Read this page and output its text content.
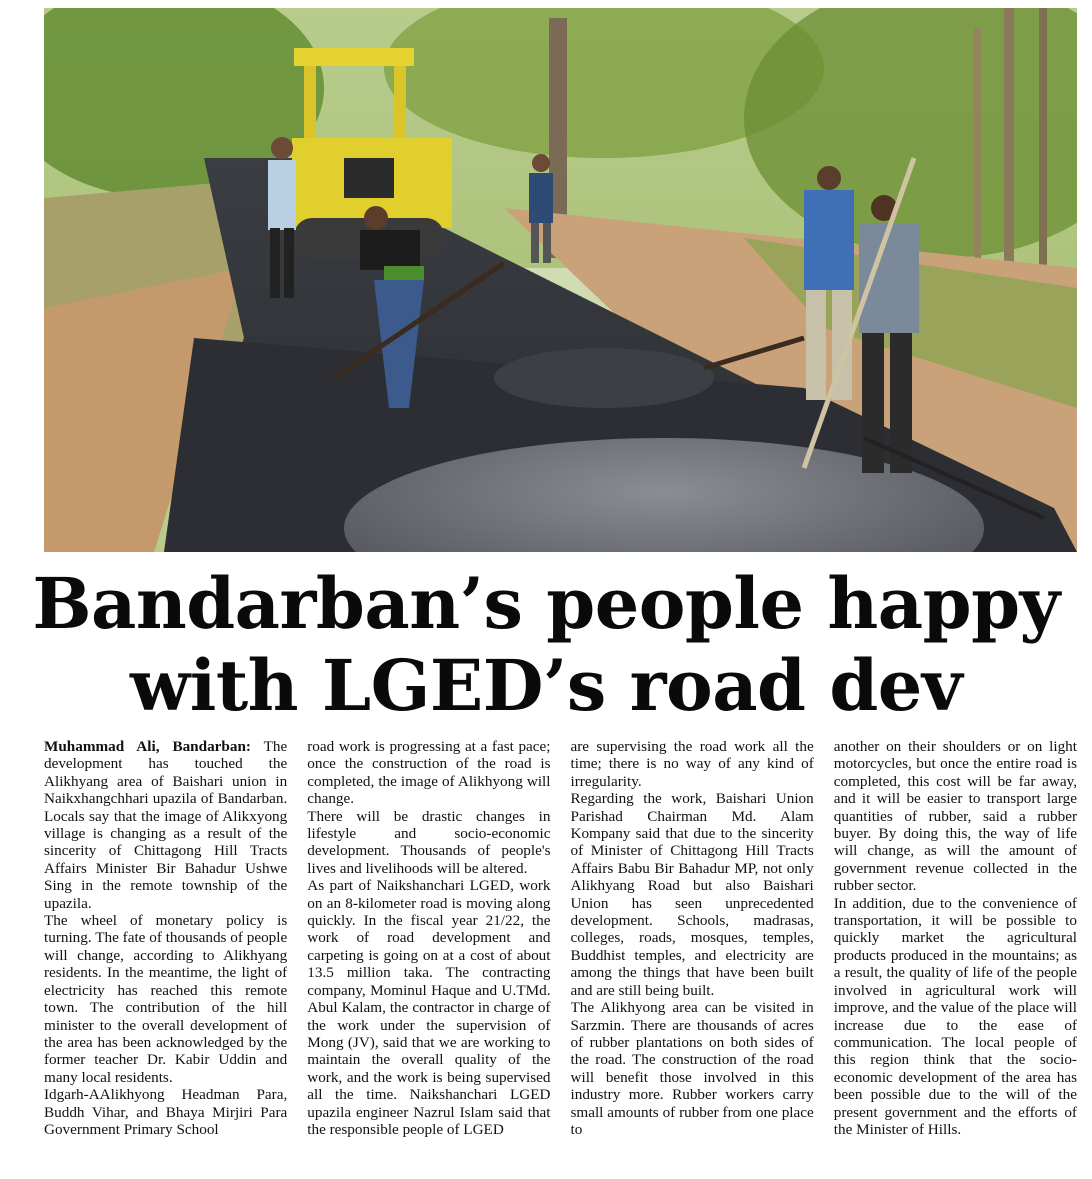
Bandarban’s people happy
with LGED’s road dev

Muhammad Ali, Bandarban: The development has touched the Alikhyang area of Baishari union in Naikxhangchhari upazila of Bandarban. Locals say that the image of Alikxyong village is changing as a result of the sincerity of Chittagong Hill Tracts Affairs Minister Bir Bahadur Ushwe Sing in the remote township of the upazila.

The wheel of monetary policy is turning. The fate of thousands of people will change, according to Alikhyang residents. In the meantime, the light of electricity has reached this remote town. The contribution of the hill minister to the overall development of the area has been acknowledged by the former teacher Dr. Kabir Uddin and many local residents.

Idgarh-AAlikhyong Headman Para, Buddh Vihar, and Bhaya Mirjiri Para Government Primary School

road work is progressing at a fast pace; once the construction of the road is completed, the image of Alikhyong will change.

There will be drastic changes in lifestyle and socio-economic development. Thousands of people's lives and livelihoods will be altered.

As part of Naikshanchari LGED, work on an 8-kilometer road is moving along quickly. In the fiscal year 21/22, the work of road development and carpeting is going on at a cost of about 13.5 million taka. The contracting company, Mominul Haque and U.TMd. Abul Kalam, the contractor in charge of the work under the supervision of Mong (JV), said that we are working to maintain the overall quality of the work, and the work is being supervised all the time. Naikshanchari LGED upazila engineer Nazrul Islam said that the responsible people of LGED

are supervising the road work all the time; there is no way of any kind of irregularity.

Regarding the work, Baishari Union Parishad Chairman Md. Alam Kompany said that due to the sincerity of Minister of Chittagong Hill Tracts Affairs Babu Bir Bahadur MP, not only Alikhyang Road but also Baishari Union has seen unprecedented development. Schools, madrasas, colleges, roads, mosques, temples, Buddhist temples, and electricity are among the things that have been built and are still being built.

The Alikhyong area can be visited in Sarzmin. There are thousands of acres of rubber plantations on both sides of the road. The construction of the road will benefit those involved in this industry more. Rubber workers carry small amounts of rubber from one place to

another on their shoulders or on light motorcycles, but once the entire road is completed, this cost will be far away, and it will be easier to transport large quantities of rubber, said a rubber buyer. By doing this, the way of life will change, as will the amount of government revenue collected in the rubber sector.

In addition, due to the convenience of transportation, it will be possible to quickly market the agricultural products produced in the mountains; as a result, the quality of life of the people involved in agricultural work will improve, and the value of the place will increase due to the ease of communication. The local people of this region think that the socio-economic development of the area has been possible due to the will of the present government and the efforts of the Minister of Hills.
